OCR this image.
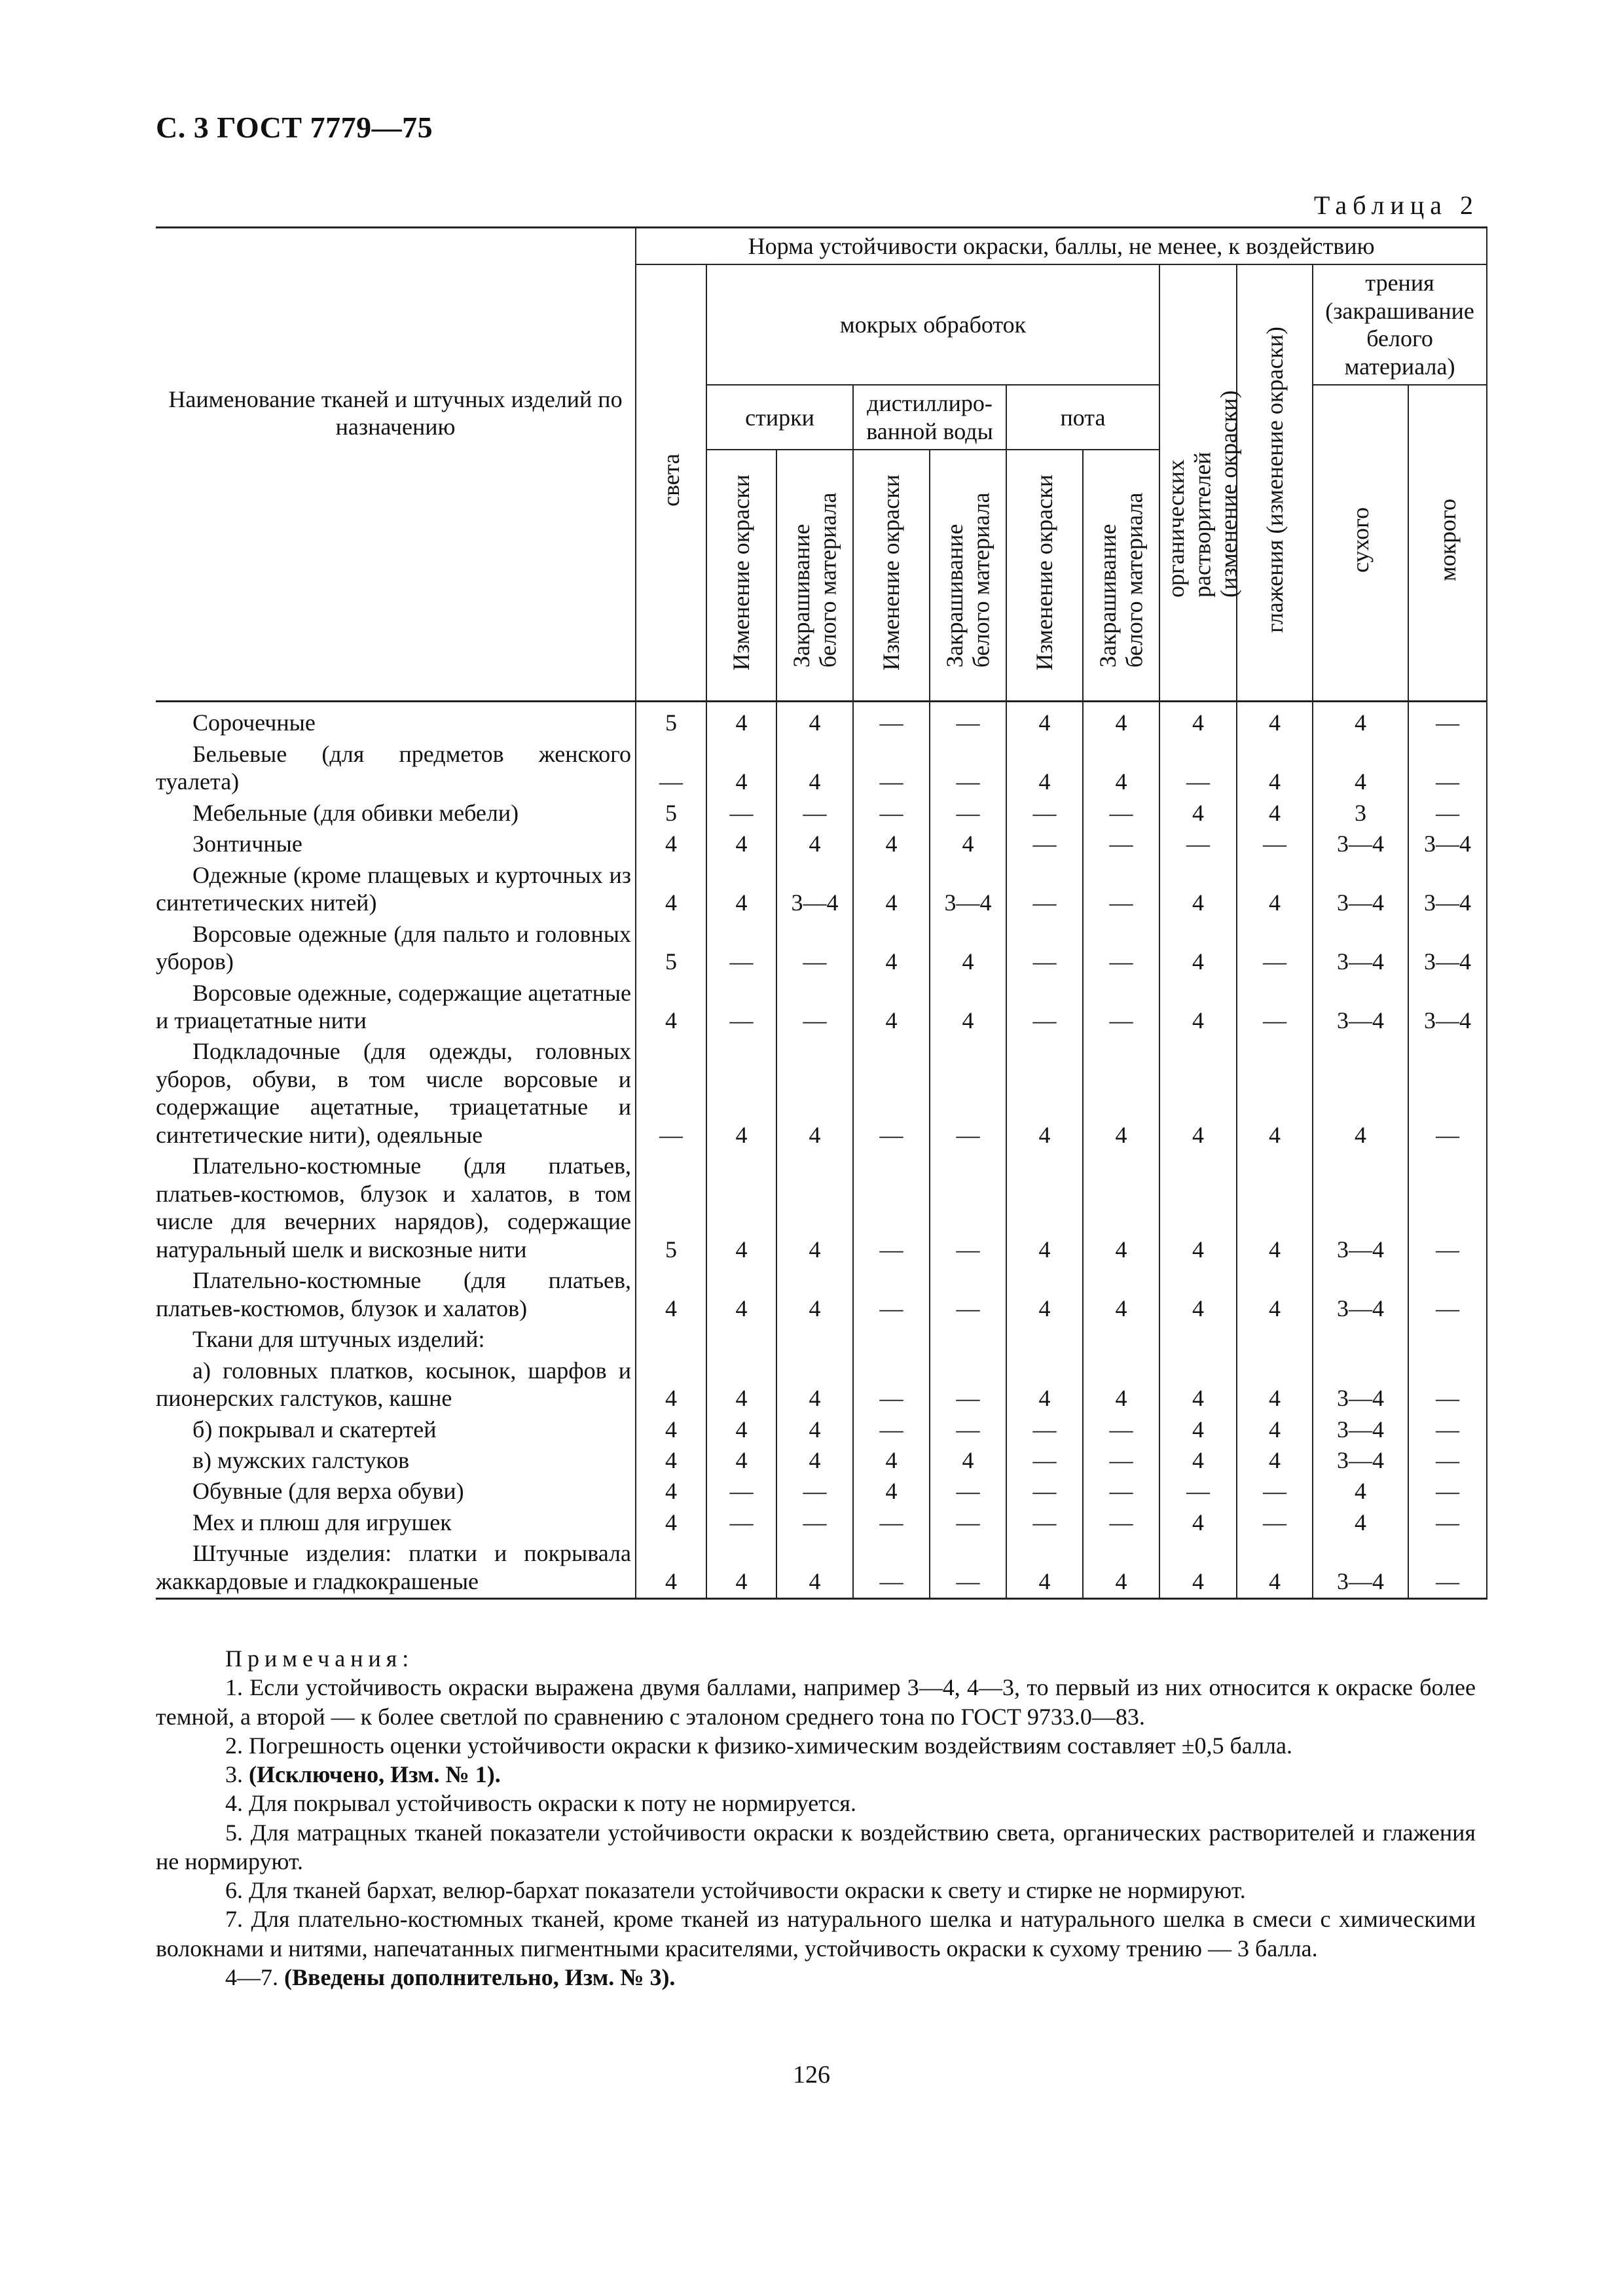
С. 3 ГОСТ 7779—75
Таблица 2
Наименование тканей и штучных изделий по назначению	Норма устойчивости окраски, баллы, не менее, к воздействию										
	света	мокрых обработок						органических растворителей (изменение окраски)	глажения (изменение окраски)	трения (закрашивание белого материала)	
		стирки		дистиллиро-ванной воды		пота				сухого	мокрого
		Изменение окраски	Закрашивание белого материала	Изменение окраски	Закрашивание белого материала	Изменение окраски	Закрашивание белого материала				

Сорочечные	5	4	4	—	—	4	4	4	4	4	—

Бельевые (для предметов женского туалета)	—	4	4	—	—	4	4	—	4	4	—

Мебельные (для обивки мебели)	5	—	—	—	—	—	—	4	4	3	—

Зонтичные	4	4	4	4	4	—	—	—	—	3—4	3—4

Одежные (кроме плащевых и курточных из синтетических нитей)	4	4	3—4	4	3—4	—	—	4	4	3—4	3—4

Ворсовые одежные (для пальто и головных уборов)	5	—	—	4	4	—	—	4	—	3—4	3—4

Ворсовые одежные, содержащие ацетатные и триацетатные нити	4	—	—	4	4	—	—	4	—	3—4	3—4

Подкладочные (для одежды, головных уборов, обуви, в том числе ворсовые и содержащие ацетатные, триацетатные и синтетические нити), одеяльные	—	4	4	—	—	4	4	4	4	4	—

Плательно-костюмные (для платьев, платьев-костюмов, блузок и халатов, в том числе для вечерних нарядов), содержащие натуральный шелк и вискозные нити	5	4	4	—	—	4	4	4	4	3—4	—

Плательно-костюмные (для платьев, платьев-костюмов, блузок и халатов)	4	4	4	—	—	4	4	4	4	3—4	—

Ткани для штучных изделий:											

а) головных платков, косынок, шарфов и пионерских галстуков, кашне	4	4	4	—	—	4	4	4	4	3—4	—

б) покрывал и скатертей	4	4	4	—	—	—	—	4	4	3—4	—

в) мужских галстуков	4	4	4	4	4	—	—	4	4	3—4	—

Обувные (для верха обуви)	4	—	—	4	—	—	—	—	—	4	—

Мех и плюш для игрушек	4	—	—	—	—	—	—	4	—	4	—

Штучные изделия: платки и покрывала жаккардовые и гладкокрашеные	4	4	4	—	—	4	4	4	4	3—4	—
Примечания:

1. Если устойчивость окраски выражена двумя баллами, например 3—4, 4—3, то первый из них относится к окраске более темной, а второй — к более светлой по сравнению с эталоном среднего тона по ГОСТ 9733.0—83.

2. Погрешность оценки устойчивости окраски к физико-химическим воздействиям составляет ±0,5 балла.

3. (Исключено, Изм. № 1).

4. Для покрывал устойчивость окраски к поту не нормируется.

5. Для матрацных тканей показатели устойчивости окраски к воздействию света, органических растворителей и глажения не нормируют.

6. Для тканей бархат, велюр-бархат показатели устойчивости окраски к свету и стирке не нормируют.

7. Для плательно-костюмных тканей, кроме тканей из натурального шелка и натурального шелка в смеси с химическими волокнами и нитями, напечатанных пигментными красителями, устойчивость окраски к сухому трению — 3 балла.

4—7. (Введены дополнительно, Изм. № 3).

126
